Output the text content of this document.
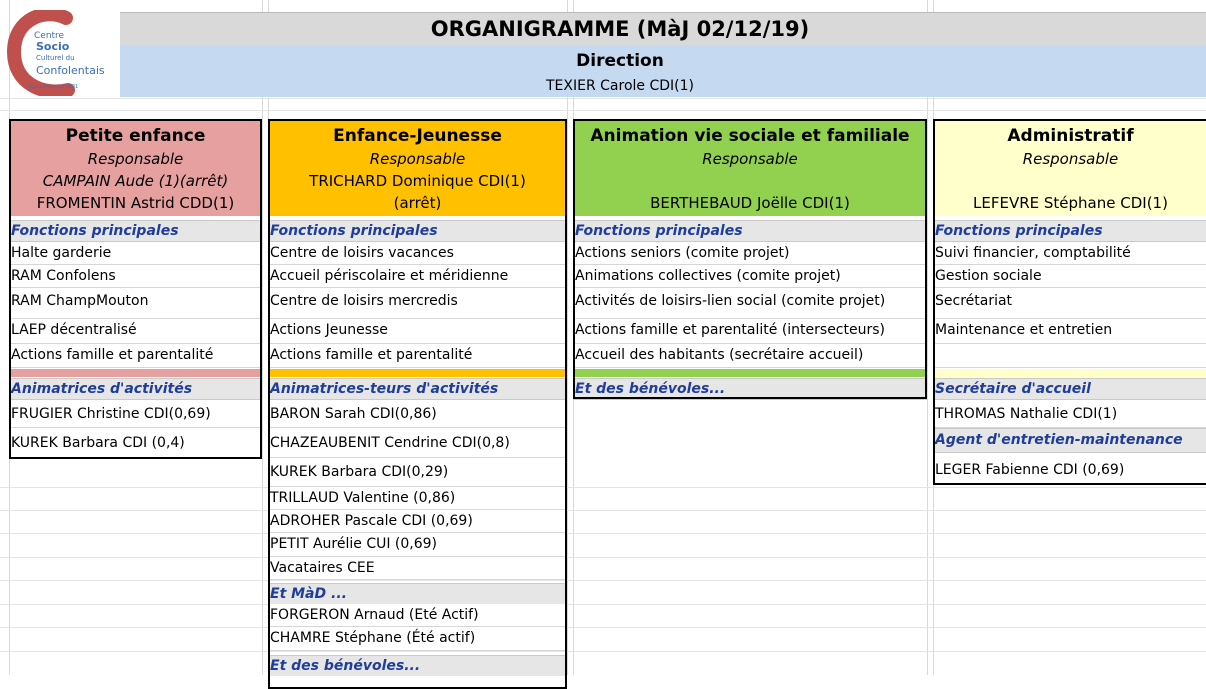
ORGANIGRAMME (MàJ 02/12/19)
Direction
TEXIER Carole CDI(1)
Centre
Socio
Culturel du
Confolentais
Association loi 1901
Petite enfance
Responsable
CAMPAIN Aude (1)(arrêt)
FROMENTIN Astrid CDD(1)
Fonctions principales
Halte garderie
RAM Confolens
RAM ChampMouton
LAEP décentralisé
Actions famille et parentalité
Animatrices d'activités
FRUGIER Christine CDI(0,69)
KUREK Barbara CDI (0,4)
Enfance-Jeunesse
Responsable
TRICHARD Dominique CDI(1)
(arrêt)
Fonctions principales
Centre de loisirs vacances
Accueil périscolaire et méridienne
Centre de loisirs mercredis
Actions Jeunesse
Actions famille et parentalité
Animatrices-teurs d'activités
BARON Sarah CDI(0,86)
CHAZEAUBENIT Cendrine CDI(0,8)
KUREK Barbara CDI(0,29)
TRILLAUD Valentine (0,86)
ADROHER Pascale CDI (0,69)
PETIT Aurélie CUI (0,69)
Vacataires CEE
Et MàD ...
FORGERON Arnaud (Eté Actif)
CHAMRE Stéphane (Été actif)
Et des bénévoles...
Animation vie sociale et familiale
Responsable
BERTHEBAUD Joëlle CDI(1)
Fonctions principales
Actions seniors (comite projet)
Animations collectives (comite projet)
Activités de loisirs-lien social (comite projet)
Actions famille et parentalité (intersecteurs)
Accueil des habitants (secrétaire accueil)
Et des bénévoles...
Administratif
Responsable
LEFEVRE Stéphane CDI(1)
Fonctions principales
Suivi financier, comptabilité
Gestion sociale
Secrétariat
Maintenance et entretien
Secrétaire d'accueil
THROMAS Nathalie CDI(1)
Agent d'entretien-maintenance
LEGER Fabienne CDI (0,69)
